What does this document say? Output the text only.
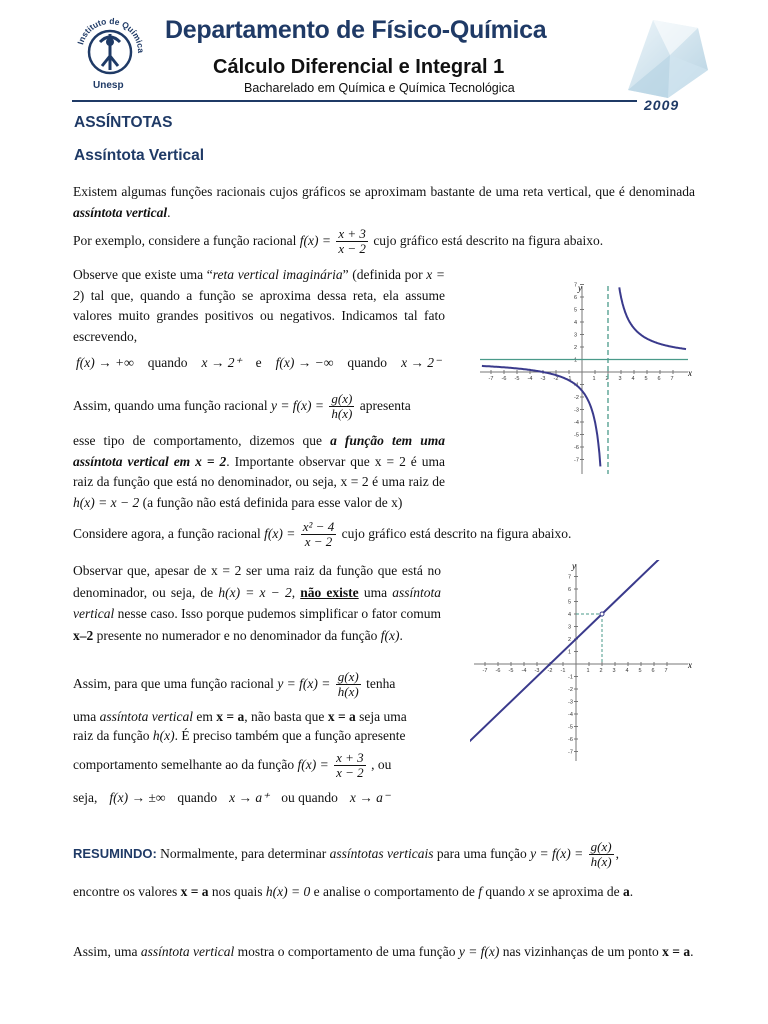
Instituto de Química
Unesp
Departamento de Físico-Química
Cálculo Diferencial e Integral 1
Bacharelado em Química e Química Tecnológica
2009
ASSÍNTOTAS
Assíntota Vertical
Existem algumas funções racionais cujos gráficos se aproximam bastante de uma reta vertical, que é denominada assíntota vertical.
Por exemplo, considere a função racional $f(x) = \frac{x + 3}{x - 2}$ cujo gráfico está descrito na figura abaixo.
Observe que existe uma “reta vertical imaginária” (definida por x = 2) tal que, quando a função se aproxima dessa reta, ela assume valores muito grandes positivos ou negativos. Indicamos tal fato escrevendo,
f(x) → +∞ quando x → 2⁺ e f(x) → −∞ quando x → 2⁻
Assim, quando uma função racional $y = f(x) = \frac{g(x)}{h(x)}$ apresenta
esse tipo de comportamento, dizemos que a função tem uma assíntota vertical em x = 2. Importante observar que x = 2 é uma raiz da função que está no denominador, ou seja, x = 2 é uma raiz de h(x) = x − 2 (a função não está definida para esse valor de x)
x
y
-7 -6 -5 -4 -3 -2 -1	1 2 3 4 5 6 7
7
6
5
4
3
2
1
-1
-2
-3
-4
-5
-6
-7
Considere agora, a função racional $f(x) = \frac{\text{x² − 4}}{x - 2}$ cujo gráfico está descrito na figura abaixo.
Observar que, apesar de x = 2 ser uma raiz da função que está no denominador, ou seja, de h(x) = x − 2, não existe uma assíntota vertical nesse caso. Isso porque pudemos simplificar o fator comum x–2 presente no numerador e no denominador da função f(x).
x
y
-7 -6 -5 -4 -3 -2 -1	1 2 3 4 5 6 7
7
6
5
4
3
2
1
-1
-2
-3
-4
-5
-6
-7
Assim, para que uma função racional $y = f(x) = \frac{g(x)}{h(x)}$ tenha
uma assíntota vertical em x = a, não basta que x = a seja uma
raiz da função h(x). É preciso também que a função apresente
comportamento semelhante ao da função $f(x) = \frac{x + 3}{x - 2}$ , ou
seja, f(x) → ±∞ quando x → a⁺ ou quando x → a⁻
RESUMINDO: Normalmente, para determinar assíntotas verticais para uma função $y = f(x) = \frac{g(x)}{h(x)}$ ,
encontre os valores x = a nos quais h(x) = 0 e analise o comportamento de f quando x se aproxima de a.
Assim, uma assíntota vertical mostra o comportamento de uma função y = f(x) nas vizinhanças de um ponto x = a.
